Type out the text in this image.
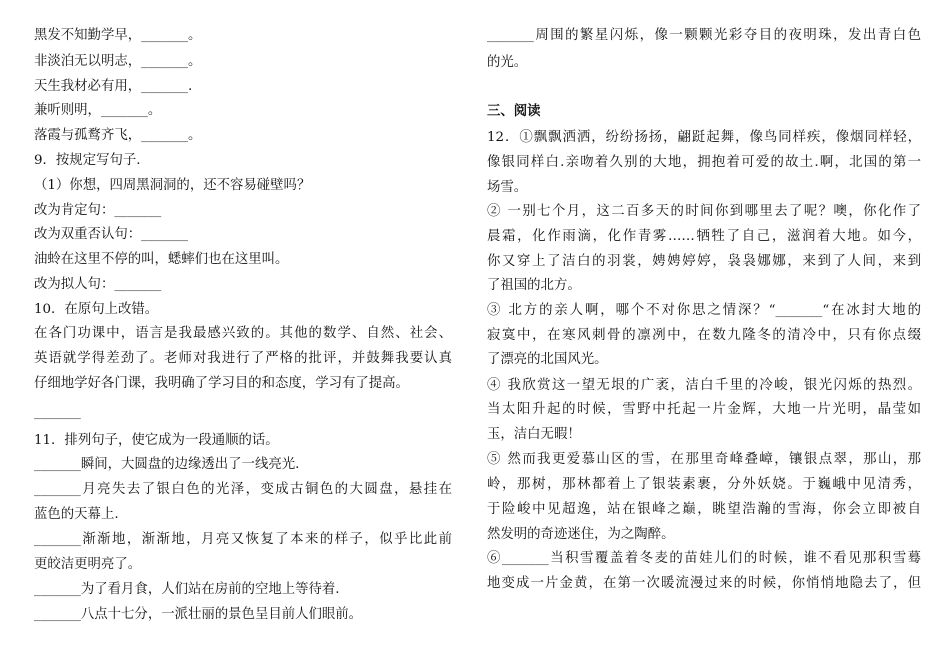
黑发不知勤学早，_______。
非淡泊无以明志，_______。
天生我材必有用，_______.
兼听则明，_______。
落霞与孤鹜齐飞，_______。
9．按规定写句子.
（1）你想，四周黑洞洞的，还不容易碰壁吗？
改为肯定句：_______
改为双重否认句：_______
油蛉在这里不停的叫，蟋蟀们也在这里叫。
改为拟人句：_______
10．在原句上改错。
在各门功课中，语言是我最感兴致的。其他的数学、自然、社会、
英语就学得差劲了。老师对我进行了严格的批评，并鼓舞我要认真
仔细地学好各门课，我明确了学习目的和态度，学习有了提高。
_______
11．排列句子，使它成为一段通顺的话。
_______瞬间，大圆盘的边缘透出了一线亮光.
_______月亮失去了银白色的光泽，变成古铜色的大圆盘，悬挂在
蓝色的天幕上.
_______渐渐地，渐渐地，月亮又恢复了本来的样子，似乎比此前
更皎洁更明亮了。
_______为了看月食，人们站在房前的空地上等待着.
_______八点十七分，一派壮丽的景色呈目前人们眼前。
_______周围的繁星闪烁，像一颗颗光彩夺目的夜明珠，发出青白色
的光。
三、阅读
12．①飘飘洒洒，纷纷扬扬，翩跹起舞，像鸟同样疾，像烟同样轻，
像银同样白.亲吻着久别的大地，拥抱着可爱的故土.啊，北国的第一
场雪。
② 一别七个月，这二百多天的时间你到哪里去了呢？噢，你化作了
晨霜，化作雨滴，化作青雾……牺牲了自己，滋润着大地。如今，
你又穿上了洁白的羽裳，娉娉婷婷，袅袅娜娜，来到了人间，来到
了祖国的北方。
③ 北方的亲人啊，哪个不对你思之情深？“_______“在冰封大地的
寂寞中，在寒风刺骨的凛冽中，在数九隆冬的清冷中，只有你点缀
了漂亮的北国风光。
④ 我欣赏这一望无垠的广袤，洁白千里的冷峻，银光闪烁的热烈。
当太阳升起的时候，雪野中托起一片金辉，大地一片光明，晶莹如
玉，洁白无暇！
⑤ 然而我更爱慕山区的雪，在那里奇峰叠嶂，镶银点翠，那山，那
岭，那树，那林都着上了银装素裹，分外妖娆。于巍峨中见清秀，
于险峻中见超逸，站在银峰之巅，眺望浩瀚的雪海，你会立即被自
然发明的奇迹迷住，为之陶醉。
⑥_______当积雪覆盖着冬麦的苗娃儿们的时候，谁不看见那积雪蓦
地变成一片金黄，在第一次暖流漫过来的时候，你悄悄地隐去了，但
